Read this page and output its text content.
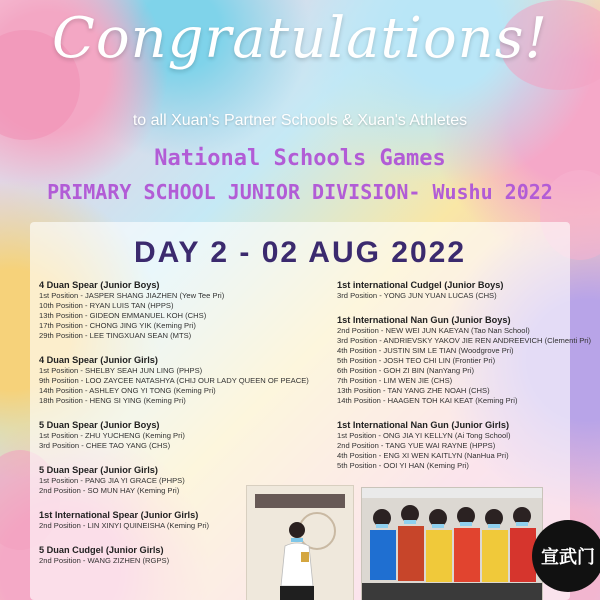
Congratulations!
to all Xuan's Partner Schools & Xuan's Athletes
National Schools Games
PRIMARY SCHOOL JUNIOR DIVISION- Wushu 2022
DAY 2 - 02 AUG 2022
4 Duan Spear (Junior Boys)
1st Position - JASPER SHANG JIAZHEN (Yew Tee Pri)
10th Position - RYAN LUIS TAN (HPPS)
13th Position - GIDEON EMMANUEL KOH (CHS)
17th Position - CHONG JING YIK (Keming Pri)
29th Position - LEE TINGXUAN SEAN (MTS)
4 Duan Spear (Junior Girls)
1st Position - SHELBY SEAH JUN LING (PHPS)
9th Position - LOO ZAYCEE NATASHYA (CHIJ OUR LADY QUEEN OF PEACE)
14th Position - ASHLEY ONG YI TONG (Keming Pri)
18th Position - HENG SI YING (Keming Pri)
5 Duan Spear (Junior Boys)
1st Position - ZHU YUCHENG (Keming Pri)
3rd Position - CHEE TAO YANG (CHS)
5 Duan Spear (Junior Girls)
1st Position - PANG JIA YI GRACE (PHPS)
2nd Position - SO MUN HAY (Keming Pri)
1st International Spear (Junior Girls)
2nd Position - LIN XINYI QUINEISHA (Keming Pri)
5 Duan Cudgel (Junior Girls)
2nd Position - WANG ZIZHEN (RGPS)
1st international Cudgel (Junior Boys)
3rd Position - YONG JUN YUAN LUCAS (CHS)
1st International Nan Gun (Junior Boys)
2nd Position - NEW WEI JUN KAEYAN (Tao Nan School)
3rd Position - ANDRIEVSKY YAKOV JIE REN ANDREEVICH (Clementi Pri)
4th Position - JUSTIN SIM LE TIAN (Woodgrove Pri)
5th Position - JOSH TEO CHI LIN (Frontier Pri)
6th Position - GOH ZI BIN (NanYang Pri)
7th Position - LIM WEN JIE (CHS)
13th Position - TAN YANG ZHE NOAH (CHS)
14th Position - HAAGEN TOH KAI KEAT (Keming Pri)
1st International Nan Gun (Junior Girls)
1st Position - ONG JIA YI KELLYN (Ai Tong School)
2nd Position - TANG YUE WAI RAYNE (HPPS)
4th Position - ENG XI WEN KAITLYN (NanHua Pri)
5th Position - OOI YI HAN (Keming Pri)
宣武门
